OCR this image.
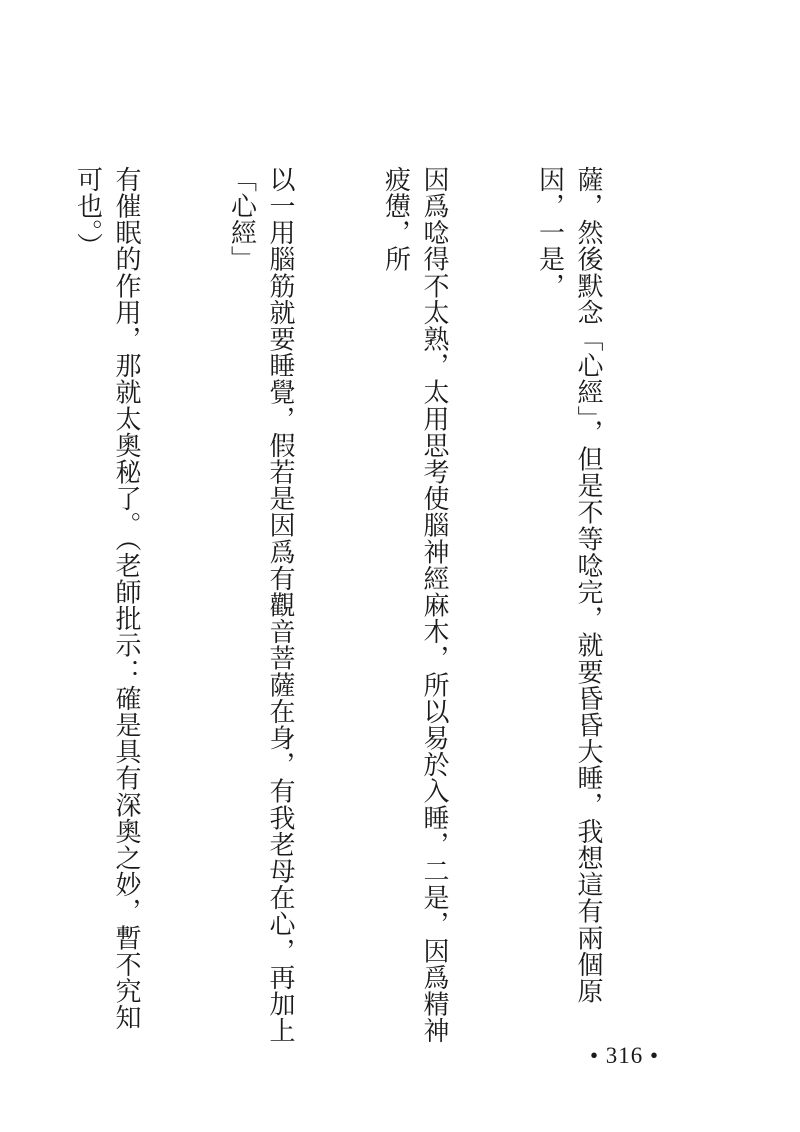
薩，然後默念「心經」，但是不等唸完，就要昏昏大睡，我想這有兩個原因，一是，

因爲唸得不太熟，太用思考使腦神經麻木，所以易於入睡，二是，因爲精神疲憊，所

以一用腦筋就要睡覺，假若是因爲有觀音菩薩在身，有我老母在心，再加上「心經」

有催眠的作用，那就太奧秘了。（老師批示：確是具有深奧之妙，暫不究知可也。）

• 316 •
